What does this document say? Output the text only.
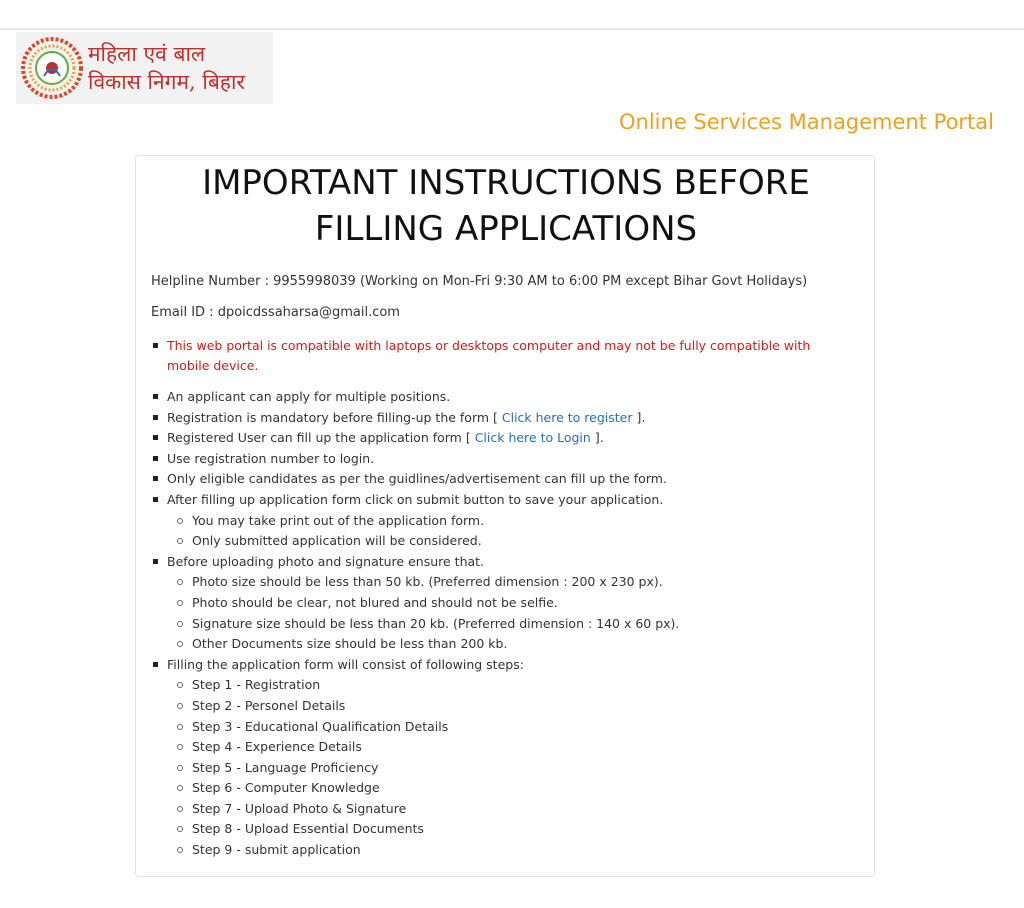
महिला एवं बाल
विकास निगम, बिहार
Online Services Management Portal
IMPORTANT INSTRUCTIONS BEFORE
FILLING APPLICATIONS
Helpline Number : 9955998039 (Working on Mon-Fri 9:30 AM to 6:00 PM except Bihar Govt Holidays)
Email ID : dpoicdssaharsa@gmail.com
This web portal is compatible with laptops or desktops computer and may not be fully compatible with mobile device.
An applicant can apply for multiple positions.
Registration is mandatory before filling-up the form [ Click here to register ].
Registered User can fill up the application form [ Click here to Login ].
Use registration number to login.
Only eligible candidates as per the guidlines/advertisement can fill up the form.
After filling up application form click on submit button to save your application.
You may take print out of the application form.
Only submitted application will be considered.
Before uploading photo and signature ensure that.
Photo size should be less than 50 kb. (Preferred dimension : 200 x 230 px).
Photo should be clear, not blured and should not be selfie.
Signature size should be less than 20 kb. (Preferred dimension : 140 x 60 px).
Other Documents size should be less than 200 kb.
Filling the application form will consist of following steps:
Step 1 - Registration
Step 2 - Personel Details
Step 3 - Educational Qualification Details
Step 4 - Experience Details
Step 5 - Language Proficiency
Step 6 - Computer Knowledge
Step 7 - Upload Photo & Signature
Step 8 - Upload Essential Documents
Step 9 - submit application
